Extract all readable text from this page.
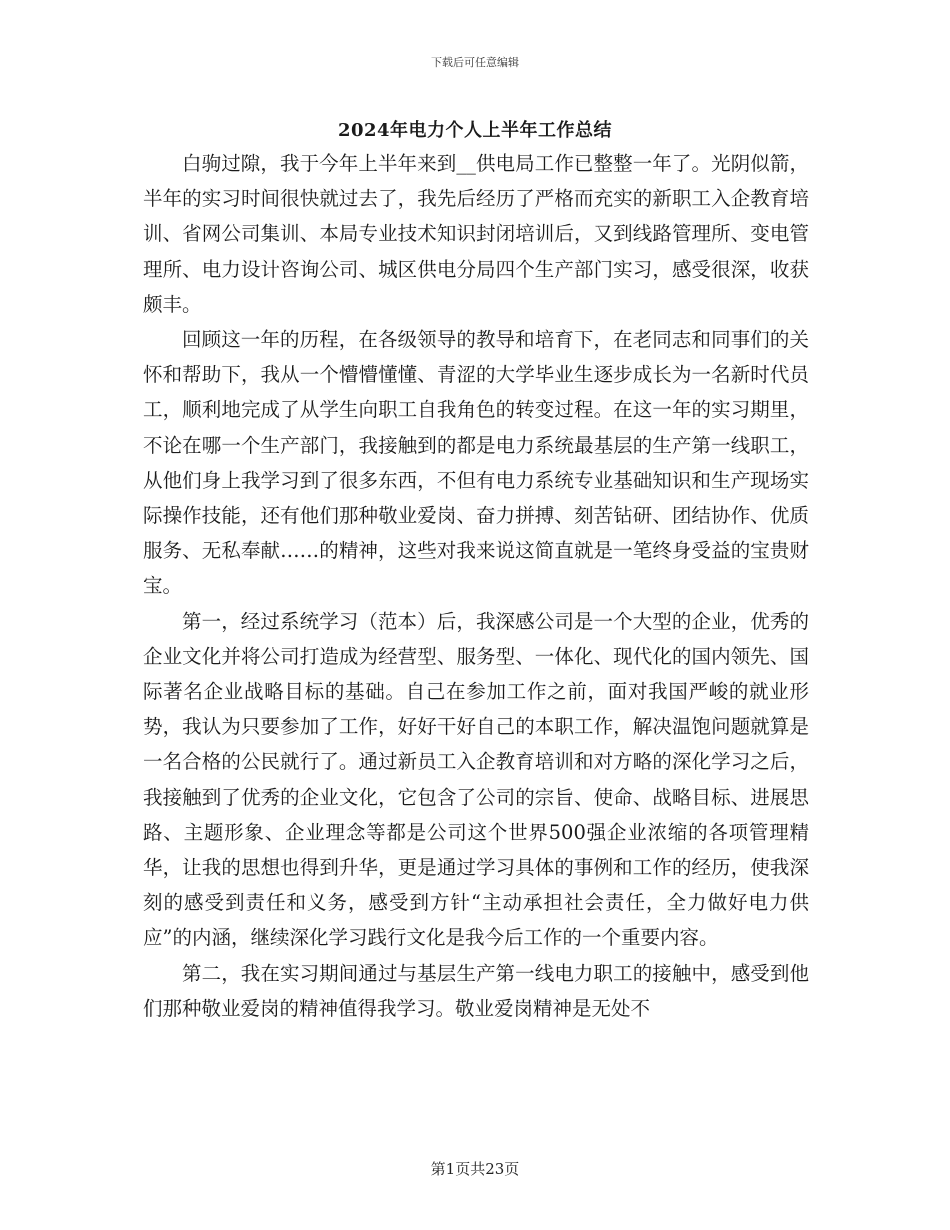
下载后可任意编辑
2024年电力个人上半年工作总结

白驹过隙，我于今年上半年来到__供电局工作已整整一年了。光阴似箭，半年的实习时间很快就过去了，我先后经历了严格而充实的新职工入企教育培训、省网公司集训、本局专业技术知识封闭培训后，又到线路管理所、变电管理所、电力设计咨询公司、城区供电分局四个生产部门实习，感受很深，收获颇丰。

回顾这一年的历程，在各级领导的教导和培育下，在老同志和同事们的关怀和帮助下，我从一个懵懵懂懂、青涩的大学毕业生逐步成长为一名新时代员工，顺利地完成了从学生向职工自我角色的转变过程。在这一年的实习期里，不论在哪一个生产部门，我接触到的都是电力系统最基层的生产第一线职工，从他们身上我学习到了很多东西，不但有电力系统专业基础知识和生产现场实际操作技能，还有他们那种敬业爱岗、奋力拼搏、刻苦钻研、团结协作、优质服务、无私奉献……的精神，这些对我来说这简直就是一笔终身受益的宝贵财宝。

第一，经过系统学习（范本）后，我深感公司是一个大型的企业，优秀的企业文化并将公司打造成为经营型、服务型、一体化、现代化的国内领先、国际著名企业战略目标的基础。自己在参加工作之前，面对我国严峻的就业形势，我认为只要参加了工作，好好干好自己的本职工作，解决温饱问题就算是一名合格的公民就行了。通过新员工入企教育培训和对方略的深化学习之后，我接触到了优秀的企业文化，它包含了公司的宗旨、使命、战略目标、进展思路、主题形象、企业理念等都是公司这个世界500强企业浓缩的各项管理精华，让我的思想也得到升华，更是通过学习具体的事例和工作的经历，使我深刻的感受到责任和义务，感受到方针“主动承担社会责任，全力做好电力供应”的内涵，继续深化学习践行文化是我今后工作的一个重要内容。

第二，我在实习期间通过与基层生产第一线电力职工的接触中，感受到他们那种敬业爱岗的精神值得我学习。敬业爱岗精神是无处不

第1页共23页
